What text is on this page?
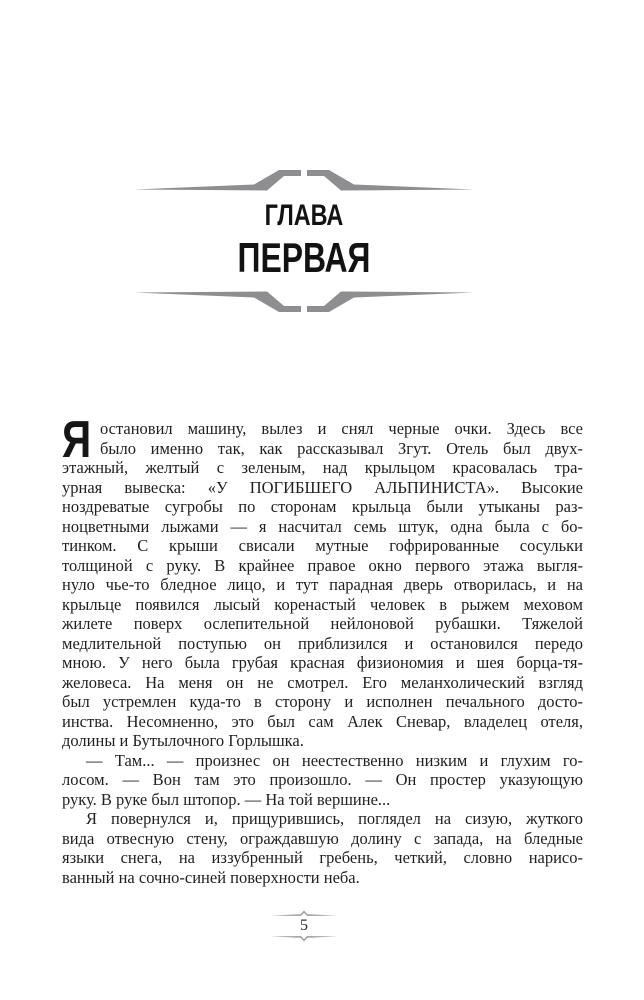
ГЛАВА
ПЕРВАЯ
Я остановил машину, вылез и снял черные очки. Здесь все
было именно так, как рассказывал Згут. Отель был двух-
этажный, желтый с зеленым, над крыльцом красовалась тра-
урная вывеска: «У ПОГИБШЕГО АЛЬПИНИСТА». Высокие
ноздреватые сугробы по сторонам крыльца были утыканы раз-
ноцветными лыжами — я насчитал семь штук, одна была с бо-
тинком. С крыши свисали мутные гофрированные сосульки
толщиной с руку. В крайнее правое окно первого этажа выгля-
нуло чье-то бледное лицо, и тут парадная дверь отворилась, и на
крыльце появился лысый коренастый человек в рыжем меховом
жилете поверх ослепительной нейлоновой рубашки. Тяжелой
медлительной поступью он приблизился и остановился передо
мною. У него была грубая красная физиономия и шея борца-тя-
желовеса. На меня он не смотрел. Его меланхолический взгляд
был устремлен куда-то в сторону и исполнен печального досто-
инства. Несомненно, это был сам Алек Сневар, владелец отеля,
долины и Бутылочного Горлышка.
— Там... — произнес он неестественно низким и глухим го-
лосом. — Вон там это произошло. — Он простер указующую
руку. В руке был штопор. — На той вершине...
Я повернулся и, прищурившись, поглядел на сизую, жуткого
вида отвесную стену, ограждавшую долину с запада, на бледные
языки снега, на иззубренный гребень, четкий, словно нарисо-
ванный на сочно-синей поверхности неба.
5
